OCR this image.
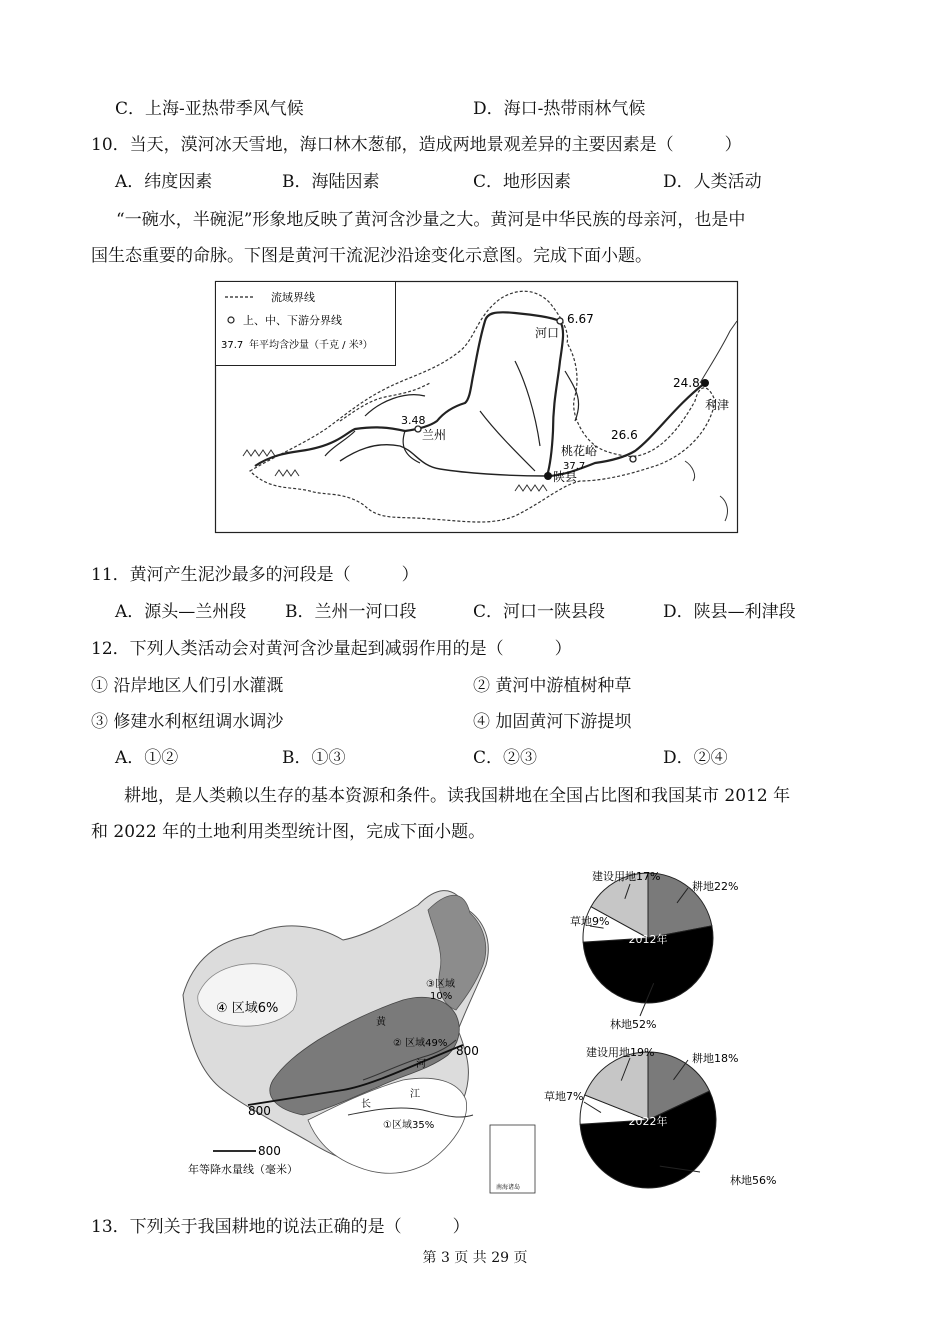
C．上海-亚热带季风气候	D．海口-热带雨林气候
10．当天，漠河冰天雪地，海口林木葱郁，造成两地景观差异的主要因素是（　　　）
A．纬度因素	B．海陆因素	C．地形因素	D．人类活动
“一碗水，半碗泥”形象地反映了黄河含沙量之大。黄河是中华民族的母亲河，也是中
国生态重要的命脉。下图是黄河干流泥沙沿途变化示意图。完成下面小题。
流域界线
上、中、下游分界线
37.7 年平均含沙量（千克 / 米³）
河口
6.67
3.48
兰州
陕县
37.7
桃花峪
26.6
24.8
利津
11．黄河产生泥沙最多的河段是（　　　）
A．源头—兰州段 B．兰州一河口段	C．河口一陕县段	D．陕县—利津段
12．下列人类活动会对黄河含沙量起到减弱作用的是（　　　）
① 沿岸地区人们引水灌溉	② 黄河中游植树种草
③ 修建水利枢纽调水调沙	④ 加固黄河下游提坝
A．①②	B．①③	C．②③	D．②④
耕地，是人类赖以生存的基本资源和条件。读我国耕地在全国占比图和我国某市 2012 年
和 2022 年的土地利用类型统计图，完成下面小题。
南海诸岛
④ 区域6%
③区域
10%
② 区域49%
①区域35%
800
800
黄
河
长
江
800
年等降水量线（毫米）
2012年
耕地22%
林地52%
草地9%
建设用地17%
2022年
耕地18%
林地56%
草地7%
建设用地19%
13．下列关于我国耕地的说法正确的是（　　　）
第 3 页 共 29 页
